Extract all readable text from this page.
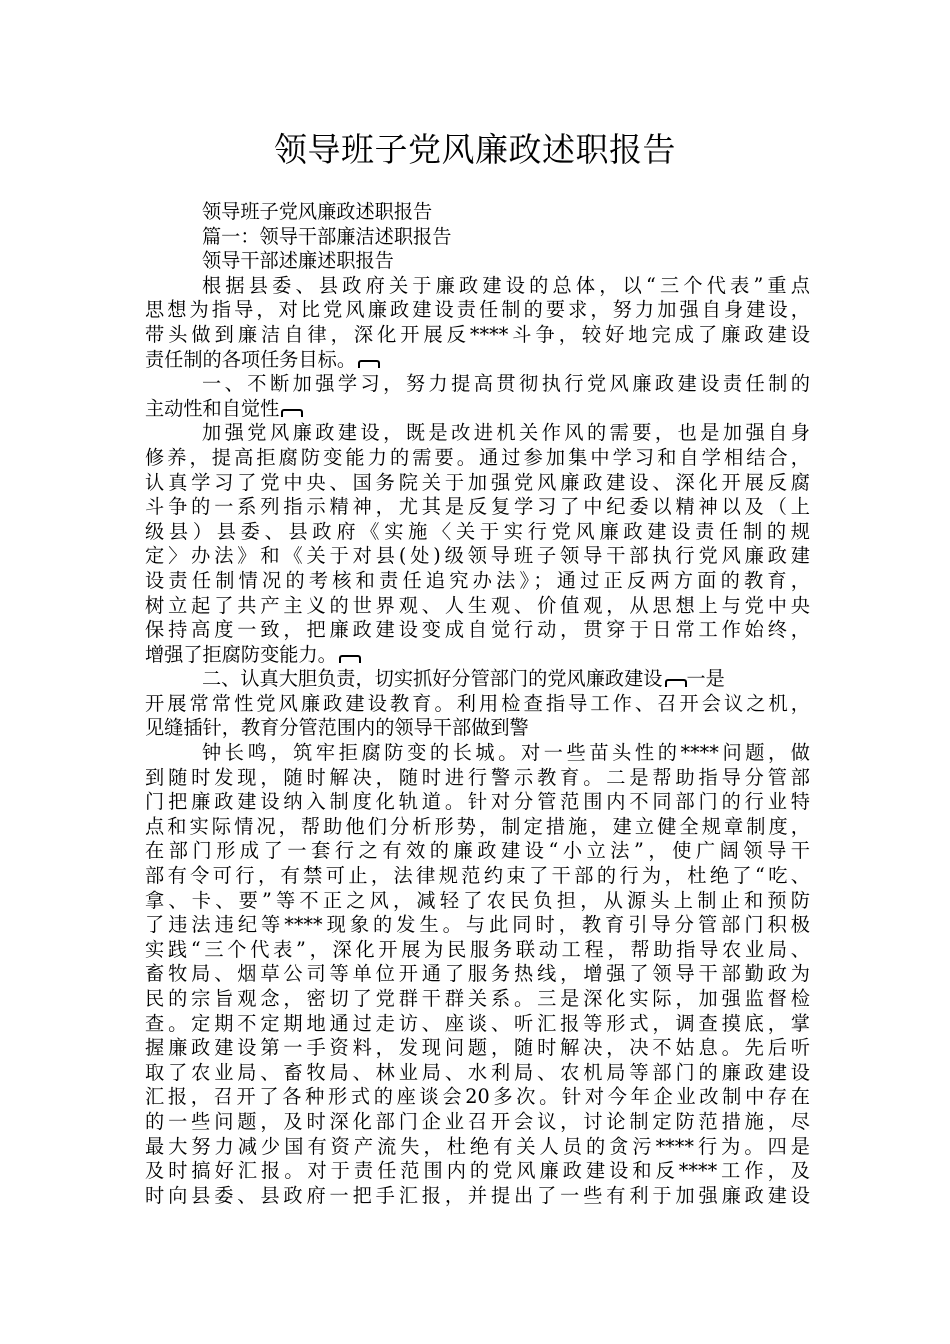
领导班子党风廉政述职报告
领导班子党风廉政述职报告
篇一：领导干部廉洁述职报告
领导干部述廉述职报告
根据县委、县政府关于廉政建设的总体，以“三个代表”重点
思想为指导，对比党风廉政建设责任制的要求，努力加强自身建设，
带头做到廉洁自律，深化开展反****斗争，较好地完成了廉政建设
责任制的各项任务目标。
一、不断加强学习，努力提高贯彻执行党风廉政建设责任制的
主动性和自觉性
加强党风廉政建设，既是改进机关作风的需要，也是加强自身
修养，提高拒腐防变能力的需要。通过参加集中学习和自学相结合，
认真学习了党中央、国务院关于加强党风廉政建设、深化开展反腐
斗争的一系列指示精神，尤其是反复学习了中纪委以精神以及（上
级县）县委、县政府《实施〈关于实行党风廉政建设责任制的规
定〉办法》和《关于对县(处)级领导班子领导干部执行党风廉政建
设责任制情况的考核和责任追究办法》；通过正反两方面的教育，
树立起了共产主义的世界观、人生观、价值观，从思想上与党中央
保持高度一致，把廉政建设变成自觉行动，贯穿于日常工作始终，
增强了拒腐防变能力。
二、认真大胆负责，切实抓好分管部门的党风廉政建设 一是
开展常常性党风廉政建设教育。利用检查指导工作、召开会议之机，
见缝插针，教育分管范围内的领导干部做到警
钟长鸣，筑牢拒腐防变的长城。对一些苗头性的****问题，做
到随时发现，随时解决，随时进行警示教育。二是帮助指导分管部
门把廉政建设纳入制度化轨道。针对分管范围内不同部门的行业特
点和实际情况，帮助他们分析形势，制定措施，建立健全规章制度，
在部门形成了一套行之有效的廉政建设“小立法”，使广阔领导干
部有令可行，有禁可止，法律规范约束了干部的行为，杜绝了“吃、
拿、卡、要”等不正之风，减轻了农民负担，从源头上制止和预防
了违法违纪等****现象的发生。与此同时，教育引导分管部门积极
实践“三个代表”，深化开展为民服务联动工程，帮助指导农业局、
畜牧局、烟草公司等单位开通了服务热线，增强了领导干部勤政为
民的宗旨观念，密切了党群干群关系。三是深化实际，加强监督检
查。定期不定期地通过走访、座谈、听汇报等形式，调查摸底，掌
握廉政建设第一手资料，发现问题，随时解决，决不姑息。先后听
取了农业局、畜牧局、林业局、水利局、农机局等部门的廉政建设
汇报，召开了各种形式的座谈会20多次。针对今年企业改制中存在
的一些问题，及时深化部门企业召开会议，讨论制定防范措施，尽
最大努力减少国有资产流失，杜绝有关人员的贪污****行为。四是
及时搞好汇报。对于责任范围内的党风廉政建设和反****工作，及
时向县委、县政府一把手汇报，并提出了一些有利于加强廉政建设
